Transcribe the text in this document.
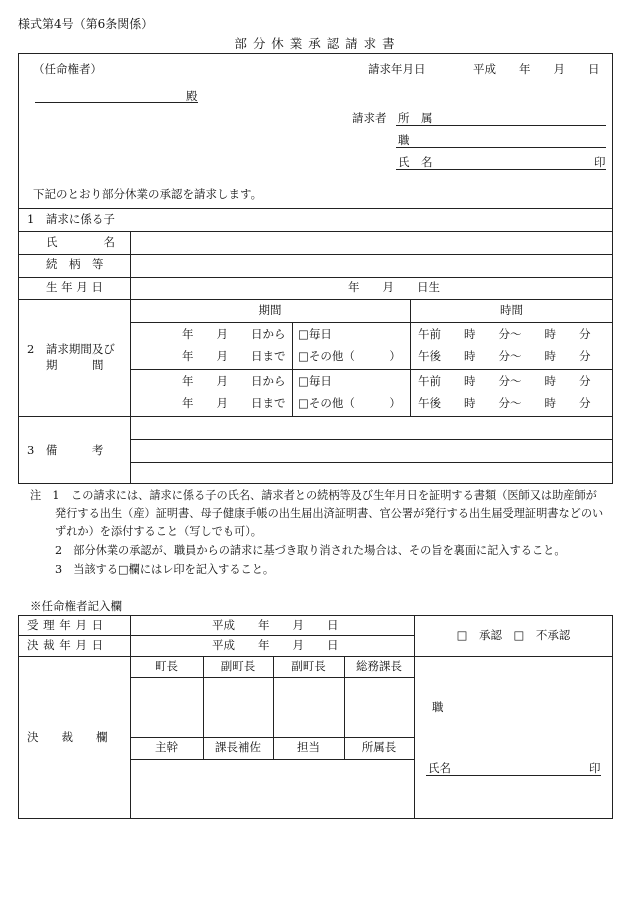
様式第4号（第6条関係）
部 分 休 業 承 認 請 求 書
（任命権者）	請求年月日	平成　　年　　月　　日
殿
請求者 所　属
職
氏　名	印
下記のとおり部分休業の承認を請求します。
1　請求に係る子
氏　　　　名
続　柄　等
生 年 月 日	年　　月　　日生
2　請求期間及び
期　　　間
期間	時間
年　　月　　日から □毎日	午前　　時　　分～　　時　　分
年　　月　　日まで □その他（　　　） 午後　　時　　分～　　時　　分
年　　月　　日から □毎日	午前　　時　　分～　　時　　分
年　　月　　日まで □その他（　　　） 午後　　時　　分～　　時　　分
3　備　　　考
注　1 この請求には、請求に係る子の氏名、請求者との続柄等及び生年月日を証明する書類（医師又は助産師が
発行する出生（産）証明書、母子健康手帳の出生届出済証明書、官公署が発行する出生届受理証明書などのい
ずれか）を添付すること（写しでも可）。
2　部分休業の承認が、職員からの請求に基づき取り消された場合は、その旨を裏面に記入すること。
3　当該する□欄にはレ印を記入すること。
※任命権者記入欄
受 理 年 月 日	平成　　年　　月　　日
決 裁 年 月 日	平成　　年　　月　　日
□　承認　□　不承認
決　　裁　　欄
町長	副町長	副町長	総務課長
主幹	課長補佐	担当	所属長
職
氏名	印
